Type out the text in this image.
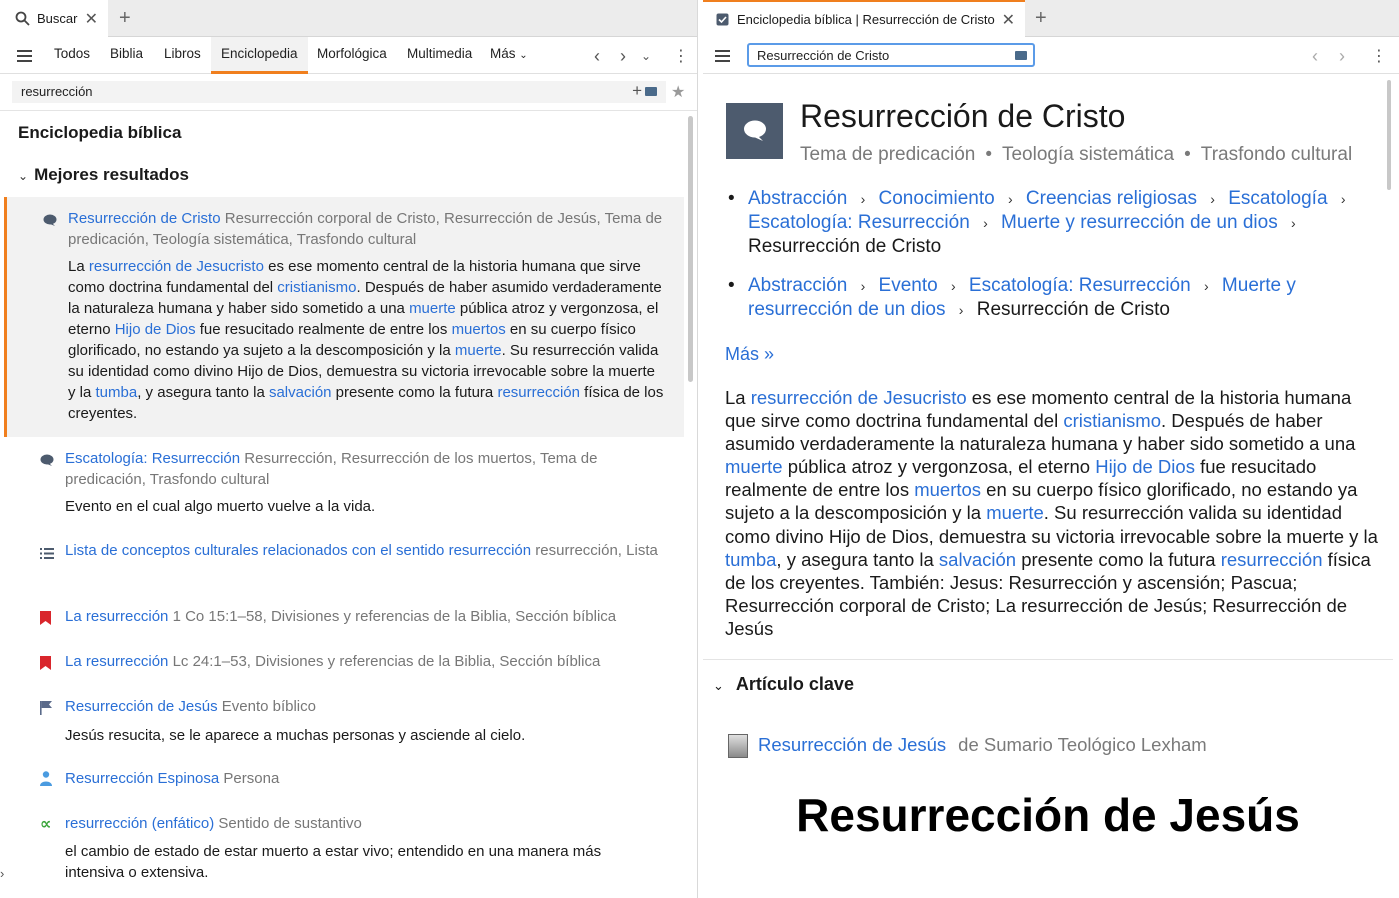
Buscar ✕ +
Todos Biblia Libros	Enciclopedia	Morfológica Multimedia Más ⌄	‹ › ⌄ ⋮
resurrección	+ ★
Enciclopedia bíblica
⌄ Mejores resultados
Resurrección de Cristo Resurrección corporal de Cristo, Resurrección de Jesús, Tema de predicación, Teología sistemática, Trasfondo cultural
La resurrección de Jesucristo es ese momento central de la historia humana que sirve como doctrina fundamental del cristianismo. Después de haber asumido verdaderamente la naturaleza humana y haber sido sometido a una muerte pública atroz y vergonzosa, el eterno Hijo de Dios fue resucitado realmente de entre los muertos en su cuerpo físico glorificado, no estando ya sujeto a la descomposición y la muerte. Su resurrección valida su identidad como divino Hijo de Dios, demuestra su victoria irrevocable sobre la muerte y la tumba, y asegura tanto la salvación presente como la futura resurrección física de los creyentes.
Escatología: Resurrección Resurrección, Resurrección de los muertos, Tema de predicación, Trasfondo cultural
Evento en el cual algo muerto vuelve a la vida.
Lista de conceptos culturales relacionados con el sentido resurrección resurrección, Lista
La resurrección 1 Co 15:1–58, Divisiones y referencias de la Biblia, Sección bíblica
La resurrección Lc 24:1–53, Divisiones y referencias de la Biblia, Sección bíblica
Resurrección de Jesús Evento bíblico
Jesús resucita, se le aparece a muchas personas y asciende al cielo.
Resurrección Espinosa Persona
∝ resurrección (enfático) Sentido de sustantivo
el cambio de estado de estar muerto a estar vivo; entendido en una manera más intensiva o extensiva.
›
Enciclopedia bíblica | Resurrección de Cristo ✕ +
Resurrección de Cristo	‹ › ⋮
Resurrección de Cristo
Tema de predicación • Teología sistemática • Trasfondo cultural
• Abstracción › Conocimiento › Creencias religiosas › Escatología › Escatología: Resurrección › Muerte y resurrección de un dios › Resurrección de Cristo
• Abstracción › Evento › Escatología: Resurrección › Muerte y resurrección de un dios › Resurrección de Cristo
Más »
La resurrección de Jesucristo es ese momento central de la historia humana que sirve como doctrina fundamental del cristianismo. Después de haber asumido verdaderamente la naturaleza humana y haber sido sometido a una muerte pública atroz y vergonzosa, el eterno Hijo de Dios fue resucitado realmente de entre los muertos en su cuerpo físico glorificado, no estando ya sujeto a la descomposición y la muerte. Su resurrección valida su identidad como divino Hijo de Dios, demuestra su victoria irrevocable sobre la muerte y la tumba, y asegura tanto la salvación presente como la futura resurrección física de los creyentes. También: Jesus: Resurrección y ascensión; Pascua; Resurrección corporal de Cristo; La resurrección de Jesús; Resurrección de Jesús
⌄ Artículo clave
Resurrección de Jesús de Sumario Teológico Lexham
Resurrección de Jesús
